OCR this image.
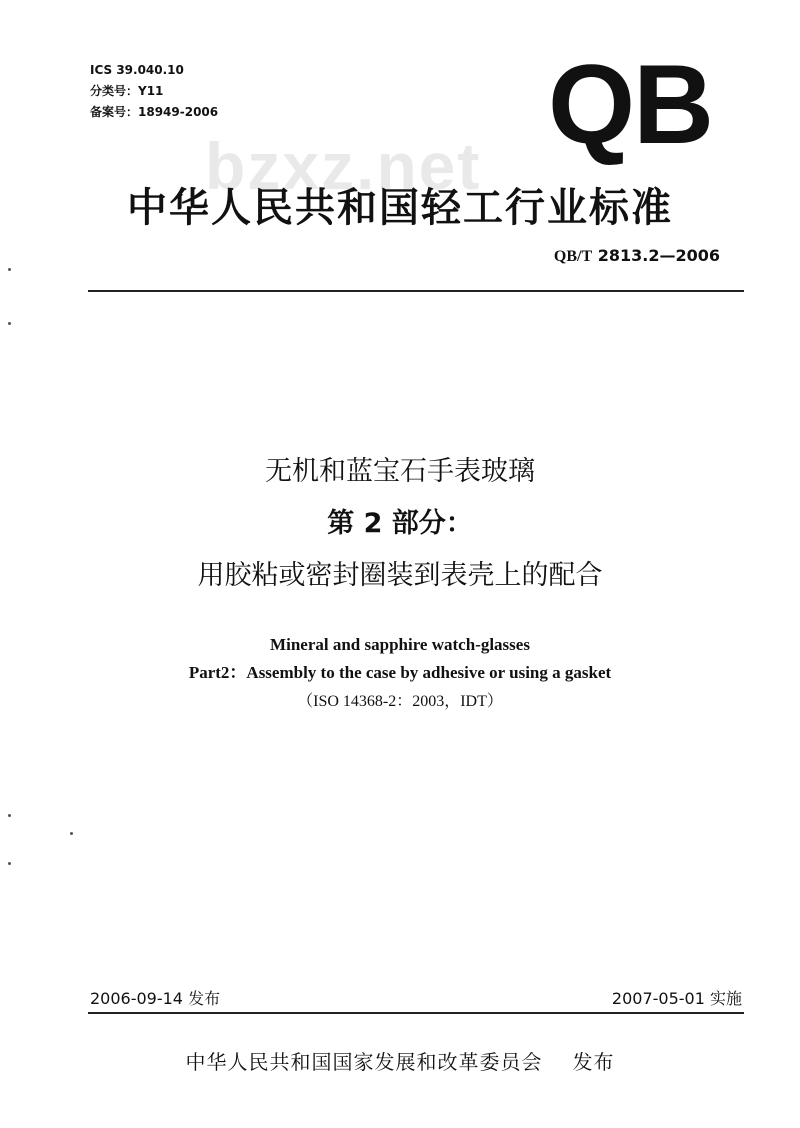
ICS 39.040.10
分类号：Y11
备案号：18949-2006	QB
bzxz.net
中华人民共和国轻工行业标准
QB/T 2813.2—2006
无机和蓝宝石手表玻璃
第 2 部分：
用胶粘或密封圈装到表壳上的配合
Mineral and sapphire watch-glasses
Part2：Assembly to the case by adhesive or using a gasket
（ISO 14368-2：2003，IDT）
2006-09-14 发布	2007-05-01 实施
中华人民共和国国家发展和改革委员会 发布
